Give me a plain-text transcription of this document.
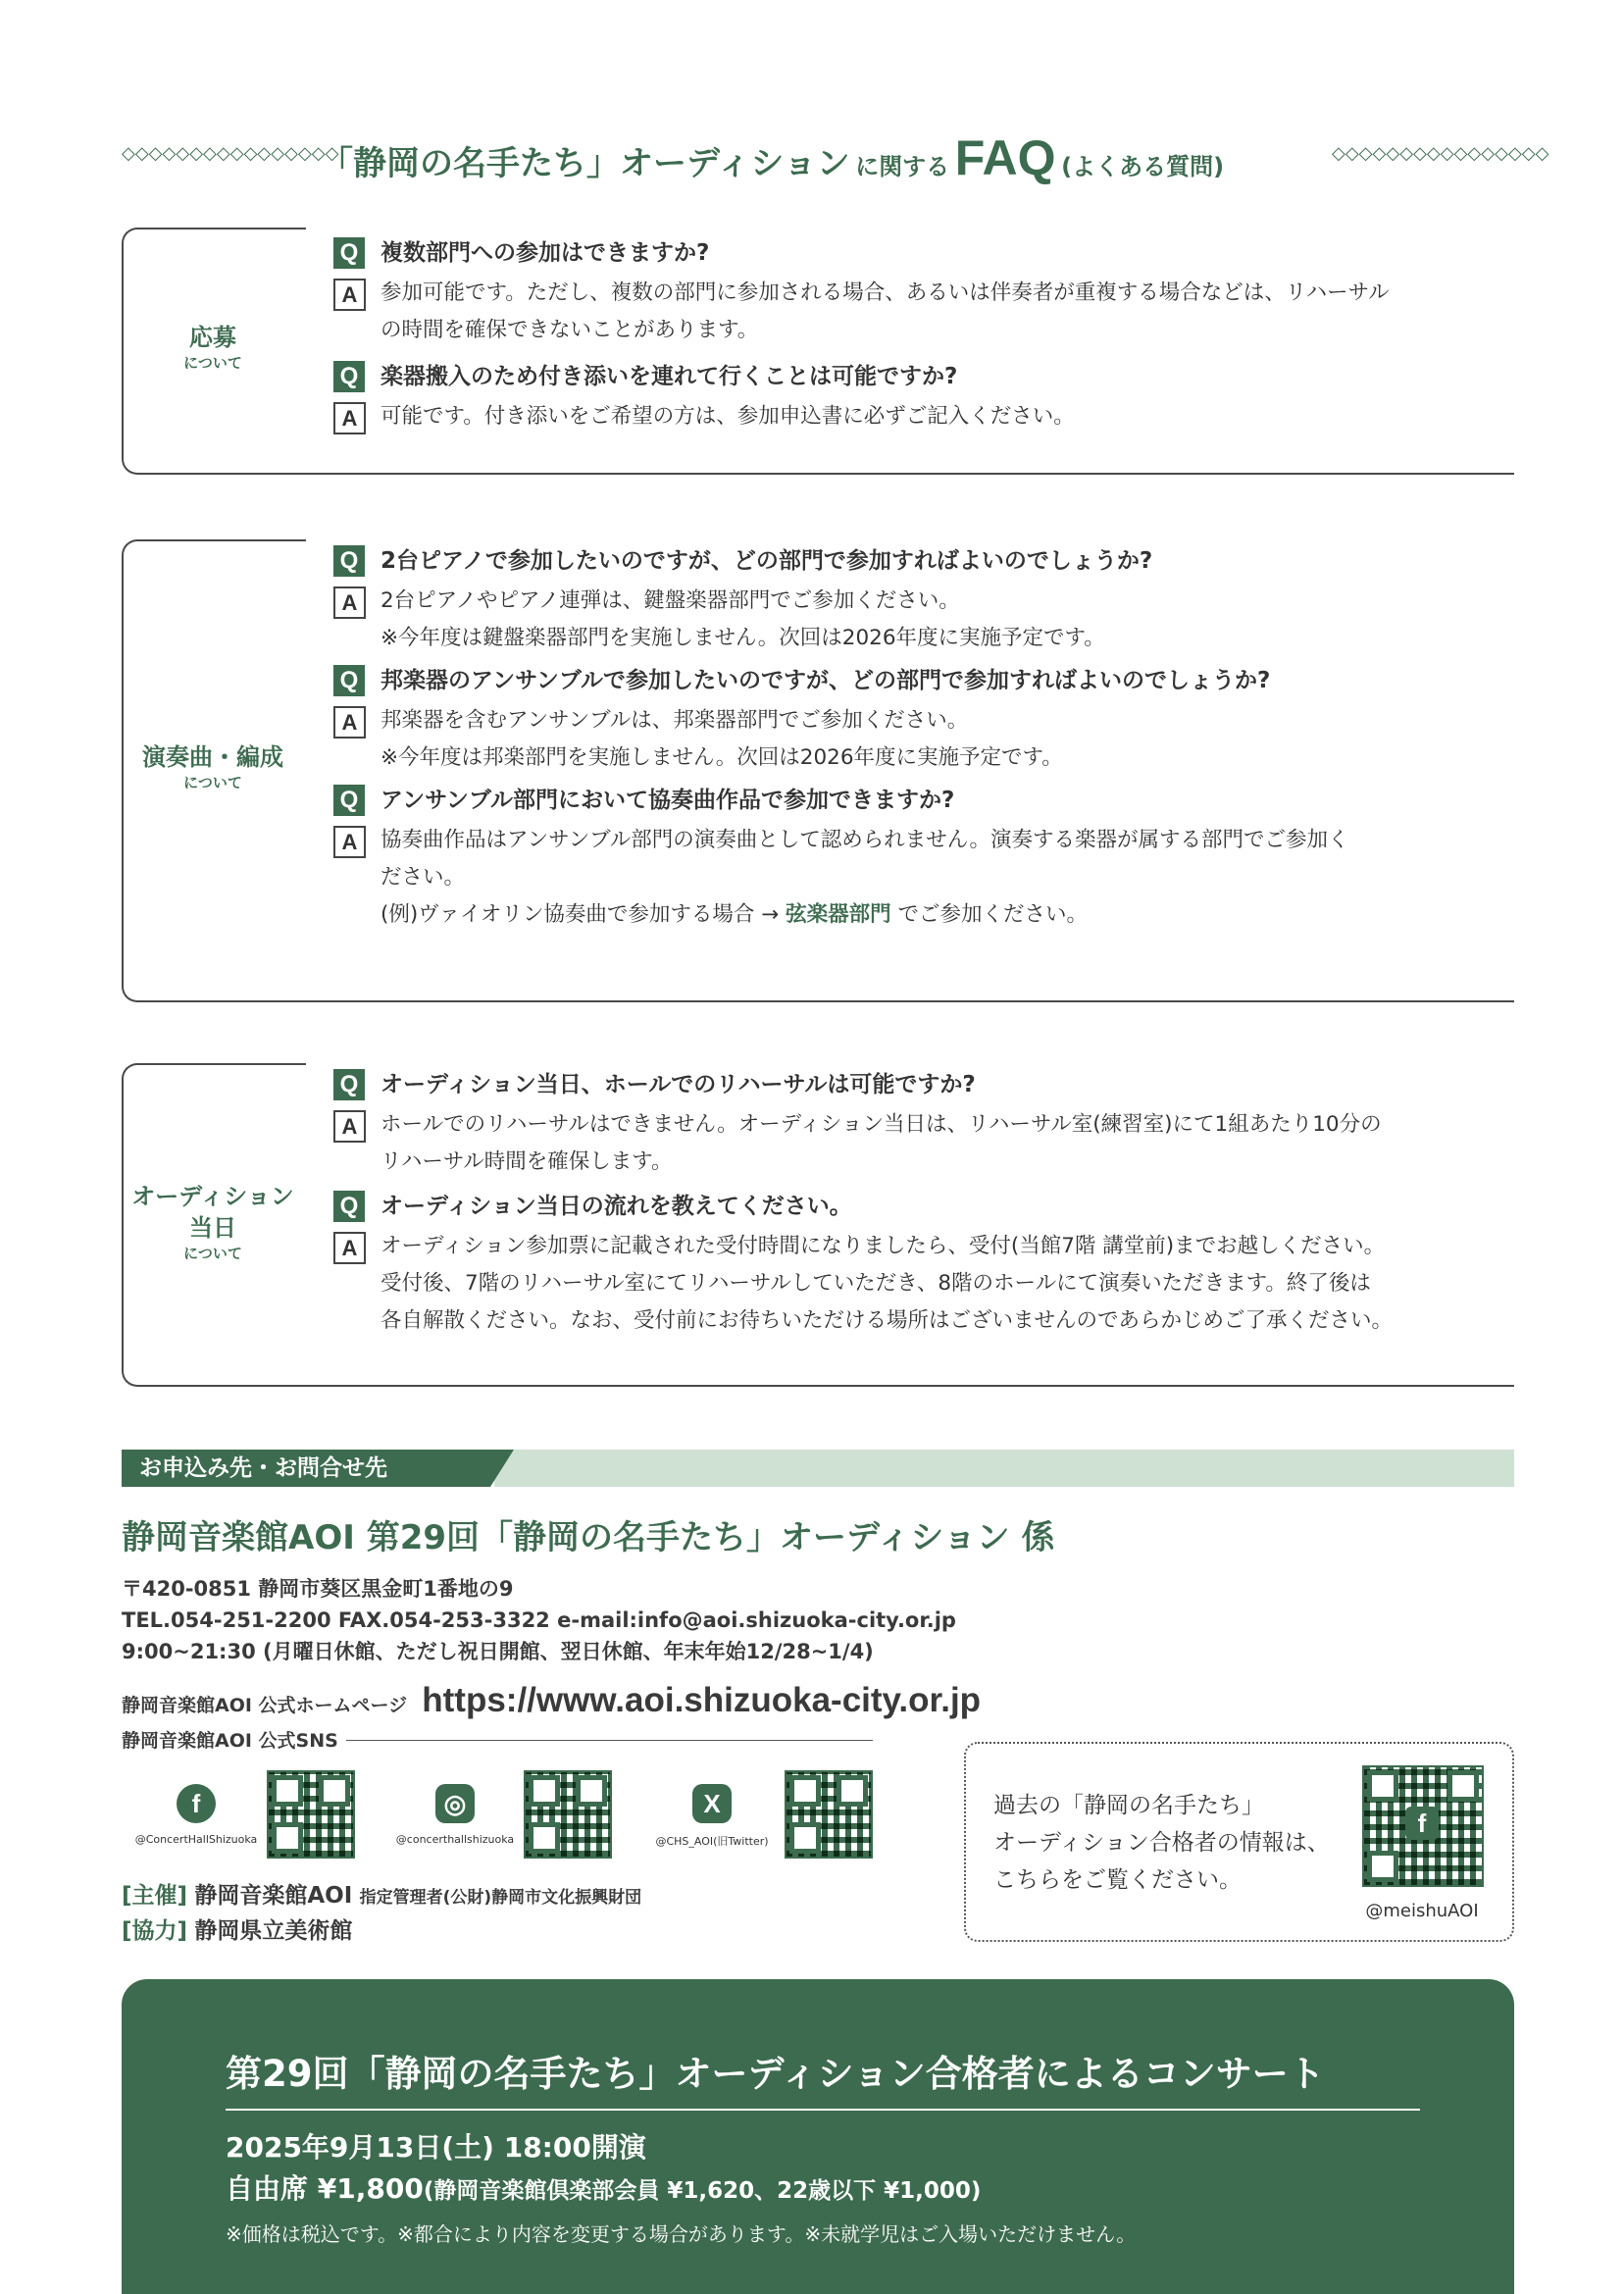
◇◇◇◇◇◇◇◇◇◇◇◇◇◇◇◇
「静岡の名手たち」オーディション に関する FAQ (よくある質問)	◇◇◇◇◇◇◇◇◇◇◇◇◇◇◇◇
応募
について
Q 複数部門への参加はできますか?
A	参加可能です。ただし、複数の部門に参加される場合、あるいは伴奏者が重複する場合などは、リハーサル

の時間を確保できないことがあります。

Q 楽器搬入のため付き添いを連れて行くことは可能ですか?
A	可能です。付き添いをご希望の方は、参加申込書に必ずご記入ください。

演奏曲・編成
について
Q 2台ピアノで参加したいのですが、どの部門で参加すればよいのでしょうか?
A	2台ピアノやピアノ連弾は、鍵盤楽器部門でご参加ください。

※今年度は鍵盤楽器部門を実施しません。次回は2026年度に実施予定です。

Q 邦楽器のアンサンブルで参加したいのですが、どの部門で参加すればよいのでしょうか?
A	邦楽器を含むアンサンブルは、邦楽器部門でご参加ください。

※今年度は邦楽部門を実施しません。次回は2026年度に実施予定です。

Q アンサンブル部門において協奏曲作品で参加できますか?
A	協奏曲作品はアンサンブル部門の演奏曲として認められません。演奏する楽器が属する部門でご参加く

ださい。

(例)ヴァイオリン協奏曲で参加する場合 → 弦楽器部門 でご参加ください。

オーディション
当日
について
Q オーディション当日、ホールでのリハーサルは可能ですか?
A	ホールでのリハーサルはできません。オーディション当日は、リハーサル室(練習室)にて1組あたり10分の

リハーサル時間を確保します。

Q オーディション当日の流れを教えてください。
A	オーディション参加票に記載された受付時間になりましたら、受付(当館7階 講堂前)までお越しください。

受付後、7階のリハーサル室にてリハーサルしていただき、8階のホールにて演奏いただきます。終了後は

各自解散ください。なお、受付前にお待ちいただける場所はございませんのであらかじめご了承ください。

お申込み先・お問合せ先
静岡音楽館AOI 第29回「静岡の名手たち」オーディション 係

〒420-0851 静岡市葵区黒金町1番地の9

TEL.054-251-2200 FAX.054-253-3322 e-mail:info@aoi.shizuoka-city.or.jp

9:00~21:30 (月曜日休館、ただし祝日開館、翌日休館、年末年始12/28~1/4)

静岡音楽館AOI 公式ホームページ https://www.aoi.shizuoka-city.or.jp
静岡音楽館AOI 公式SNS
f
@ConcertHallShizuoka
◎
@concerthallshizuoka
X
@CHS_AOI(旧Twitter)

[主催] 静岡音楽館AOI 指定管理者(公財)静岡市文化振興財団

[協力] 静岡県立美術館

過去の「静岡の名手たち」

オーディション合格者の情報は、

こちらをご覧ください。

f
@meishuAOI
第29回「静岡の名手たち」オーディション合格者によるコンサート
2025年9月13日(土) 18:00開演
自由席 ¥1,800(静岡音楽館倶楽部会員 ¥1,620、22歳以下 ¥1,000)
※価格は税込です。※都合により内容を変更する場合があります。※未就学児はご入場いただけません。
